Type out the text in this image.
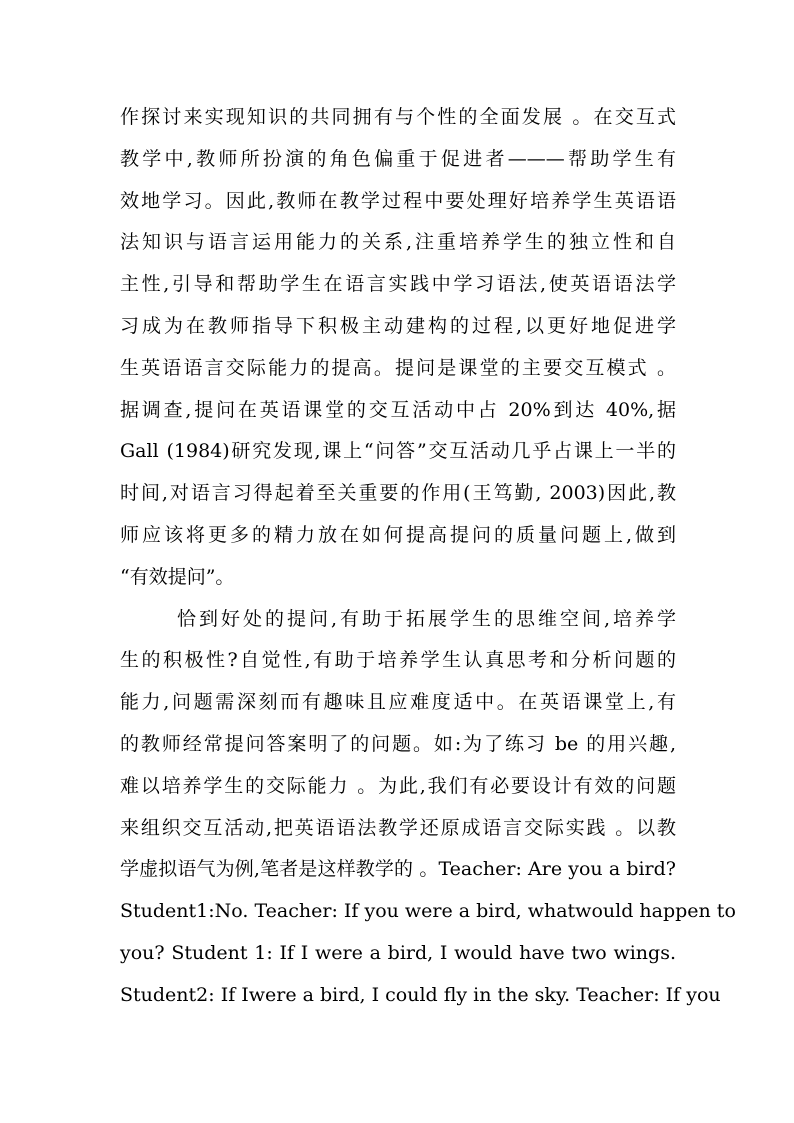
作探讨来实现知识的共同拥有与个性的全面发展 。在交互式
教学中,教师所扮演的角色偏重于促进者———帮助学生有
效地学习。因此,教师在教学过程中要处理好培养学生英语语
法知识与语言运用能力的关系,注重培养学生的独立性和自
主性,引导和帮助学生在语言实践中学习语法,使英语语法学
习成为在教师指导下积极主动建构的过程,以更好地促进学
生英语语言交际能力的提高。提问是课堂的主要交互模式 。
据调查,提问在英语课堂的交互活动中占 20%到达 40%,据
Gall (1984)研究发现,课上“问答”交互活动几乎占课上一半的
时间,对语言习得起着至关重要的作用(王笃勤, 2003)因此,教
师应该将更多的精力放在如何提高提问的质量问题上,做到
“有效提问”。
恰到好处的提问,有助于拓展学生的思维空间,培养学
生的积极性?自觉性,有助于培养学生认真思考和分析问题的
能力,问题需深刻而有趣味且应难度适中。在英语课堂上,有
的教师经常提问答案明了的问题。如:为了练习 be 的用兴趣,
难以培养学生的交际能力 。为此,我们有必要设计有效的问题
来组织交互活动,把英语语法教学还原成语言交际实践 。以教
学虚拟语气为例,笔者是这样教学的 。Teacher: Are you a bird?
Student1:No. Teacher: If you were a bird, whatwould happen to
you? Student 1: If I were a bird, I would have two wings.
Student2: If Iwere a bird, I could fly in the sky. Teacher: If you
